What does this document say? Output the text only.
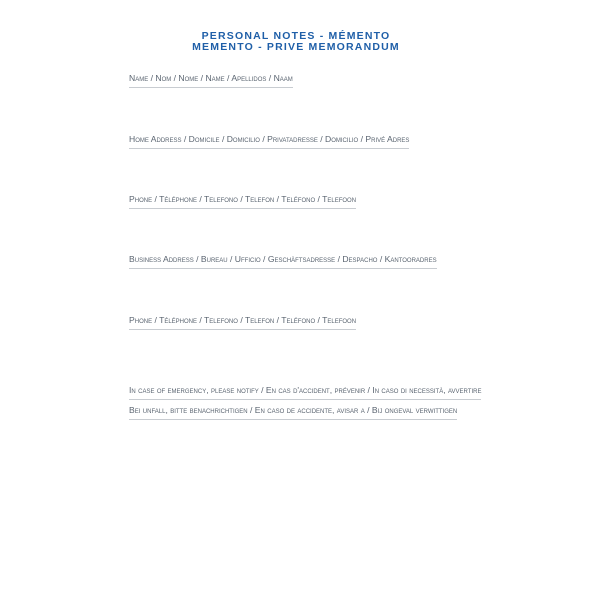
PERSONAL NOTES - MÉMENTO
MEMENTO - PRIVE MEMORANDUM
Name / Nom / Nome / Name / Apellidos / Naam
Home Address / Domicile / Domicilio / Privatadresse / Domicilio / Privé Adres
Phone / Téléphone / Telefono / Telefon / Teléfono / Telefoon
Business Address / Bureau / Ufficio / Geschäftsadresse / Despacho / Kantooradres
Phone / Téléphone / Telefono / Telefon / Teléfono / Telefoon
In case of emergency, please notify / En cas d'accident, prévenir / In caso di necessità, avvertire
Bei unfall, bitte benachrichtigen / En caso de accidente, avisar a / Bij ongeval verwittigen
